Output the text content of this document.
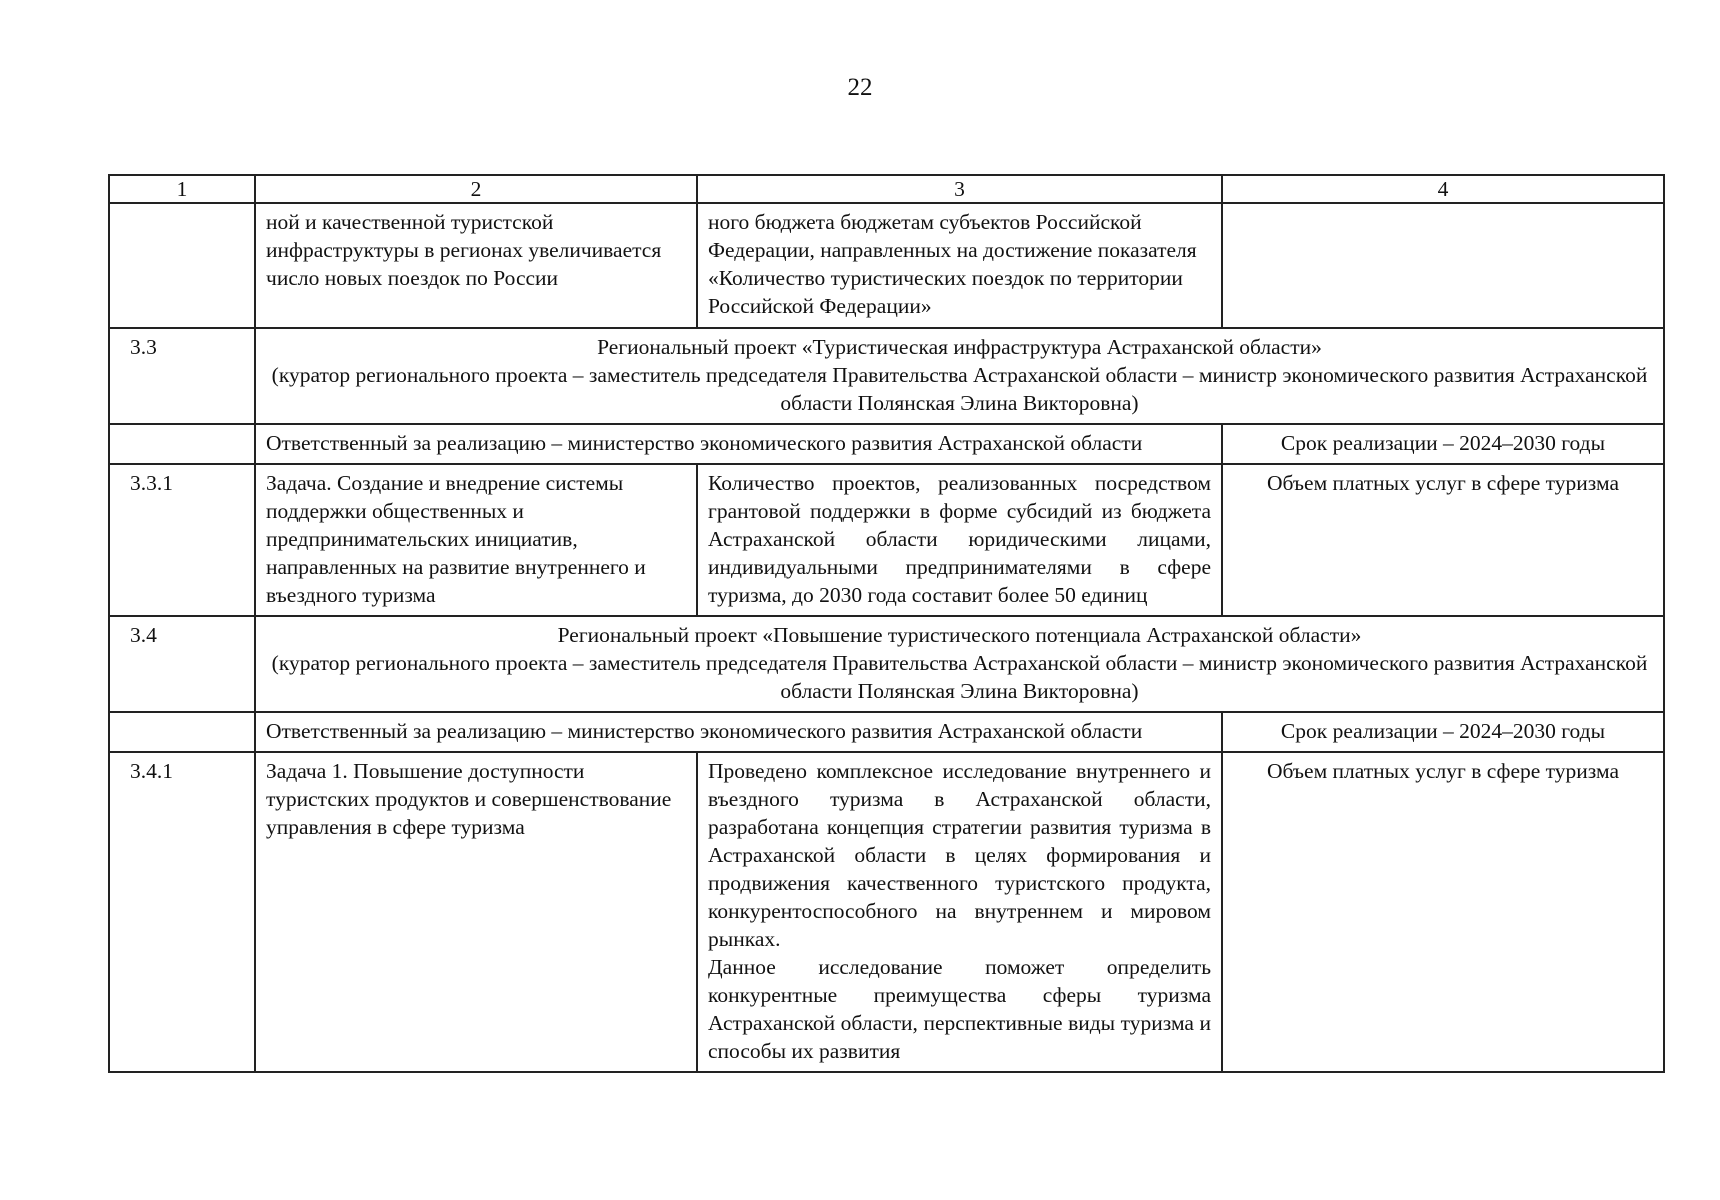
22
1	2	3	4
	ной и качественной туристской инфраструктуры в регионах увеличивается число новых поездок по России	ного бюджета бюджетам субъектов Российской Федерации, направленных на достижение показателя «Количество туристических поездок по территории Российской Федерации»	
3.3	Региональный проект «Туристическая инфраструктура Астраханской области»
(куратор регионального проекта – заместитель председателя Правительства Астраханской области – министр экономического развития Астраханской области Полянская Элина Викторовна)		

	Ответственный за реализацию – министерство экономического развития Астраханской области		Срок реализации – 2024–2030 годы
3.3.1	Задача. Создание и внедрение системы поддержки общественных и предпринимательских инициатив, направленных на развитие внутреннего и въездного туризма	Количество проектов, реализованных посредством грантовой поддержки в форме субсидий из бюджета Астраханской области юридическими лицами, индивидуальными предпринимателями в сфере туризма, до 2030 года составит более 50 единиц	Объем платных услуг в сфере туризма
3.4	Региональный проект «Повышение туристического потенциала Астраханской области»
(куратор регионального проекта – заместитель председателя Правительства Астраханской области – министр экономического развития Астраханской области Полянская Элина Викторовна)		

	Ответственный за реализацию – министерство экономического развития Астраханской области		Срок реализации – 2024–2030 годы
3.4.1	Задача 1. Повышение доступности туристских продуктов и совершенствование управления в сфере туризма	Проведено комплексное исследование внутреннего и въездного туризма в Астраханской области, разработана концепция стратегии развития туризма в Астраханской области в целях формирования и продвижения качественного туристского продукта, конкурентоспособного на внутреннем и мировом рынках.

Данное исследование поможет определить конкурентные преимущества сферы туризма Астраханской области, перспективные виды туризма и способы их развития	Объем платных услуг в сфере туризма
